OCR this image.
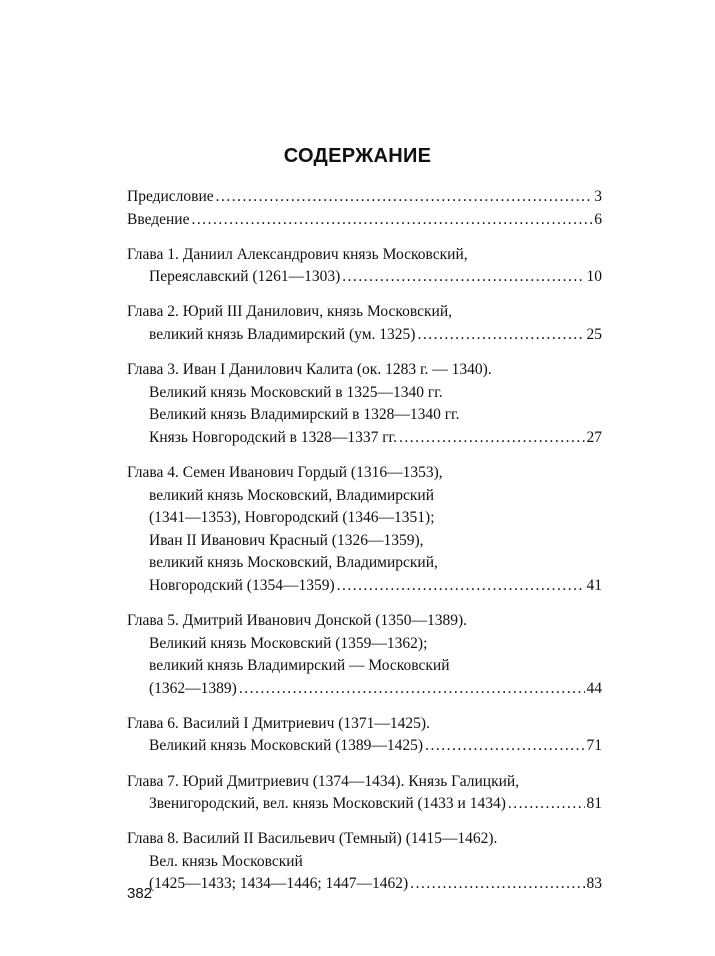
СОДЕРЖАНИЕ
Предисловие .....	3
Введение .....	6
Глава 1. Даниил Александрович князь Московский,
Переяславский (1261—1303) .....	10
Глава 2. Юрий III Данилович, князь Московский,
великий князь Владимирский (ум. 1325) .....	25
Глава 3. Иван I Данилович Калита (ок. 1283 г. — 1340).
Великий князь Московский в 1325—1340 гг.
Великий князь Владимирский в 1328—1340 гг.
Князь Новгородский в 1328—1337 гг. .....	27
Глава 4. Семен Иванович Гордый (1316—1353),
великий князь Московский, Владимирский
(1341—1353), Новгородский (1346—1351);
Иван II Иванович Красный (1326—1359),
великий князь Московский, Владимирский,
Новгородский (1354—1359) .....	41
Глава 5. Дмитрий Иванович Донской (1350—1389).
Великий князь Московский (1359—1362);
великий князь Владимирский — Московский
(1362—1389) .....	44
Глава 6. Василий I Дмитриевич (1371—1425).
Великий князь Московский (1389—1425) .....	71
Глава 7. Юрий Дмитриевич (1374—1434). Князь Галицкий,
Звенигородский, вел. князь Московский (1433 и 1434) .....	81
Глава 8. Василий II Васильевич (Темный) (1415—1462).
Вел. князь Московский
(1425—1433; 1434—1446; 1447—1462) .....	83
382
